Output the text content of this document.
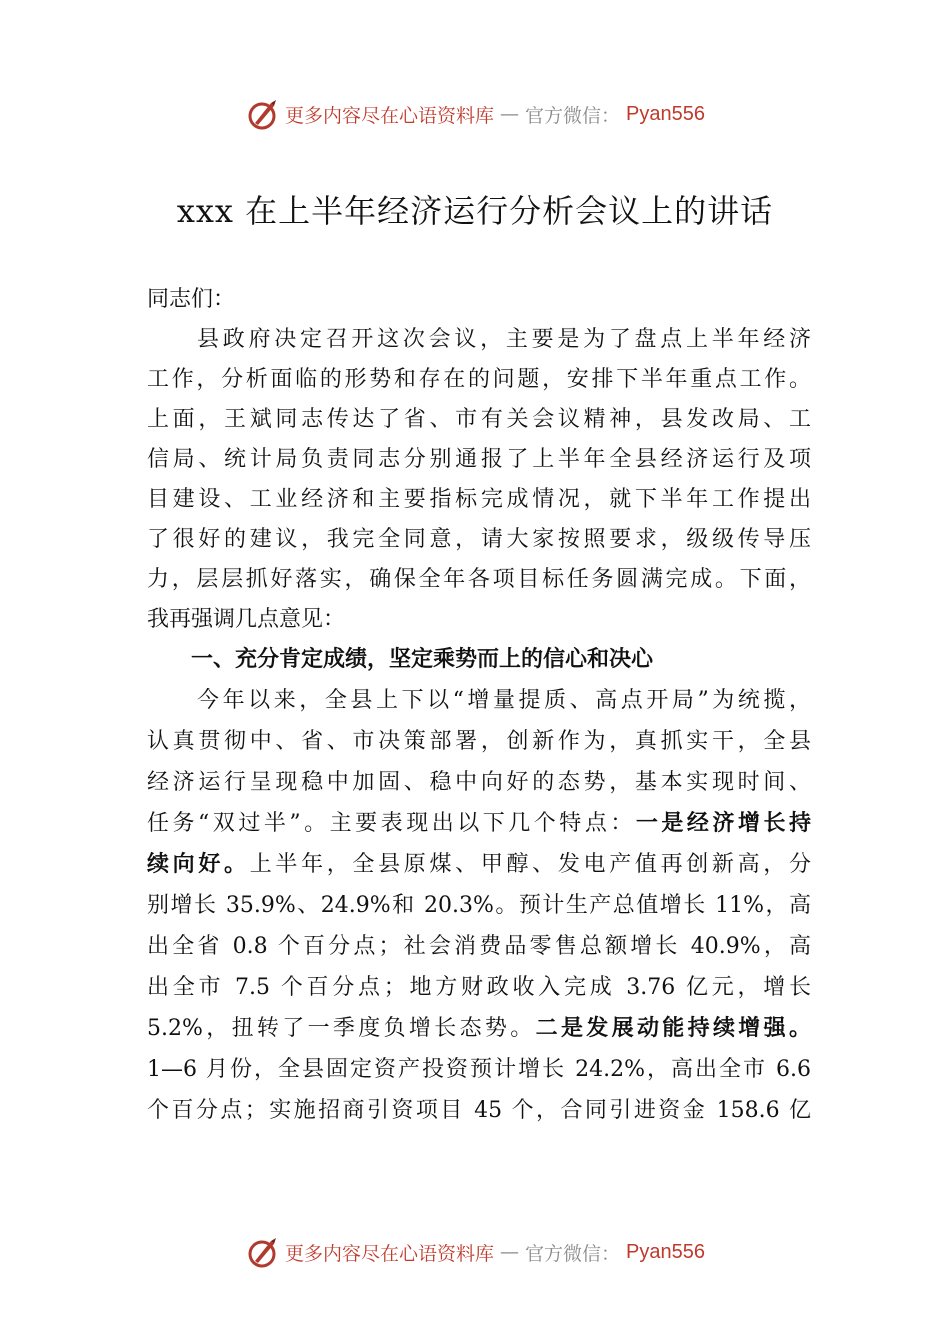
更多内容尽在心语资料库 — 官方微信： Pyan556
xxx 在上半年经济运行分析会议上的讲话
同志们：
县政府决定召开这次会议，主要是为了盘点上半年经济
工作，分析面临的形势和存在的问题，安排下半年重点工作。
上面，王斌同志传达了省、市有关会议精神，县发改局、工
信局、统计局负责同志分别通报了上半年全县经济运行及项
目建设、工业经济和主要指标完成情况，就下半年工作提出
了很好的建议，我完全同意，请大家按照要求，级级传导压
力，层层抓好落实，确保全年各项目标任务圆满完成。下面，
我再强调几点意见：
一、充分肯定成绩，坚定乘势而上的信心和决心
今年以来，全县上下以“增量提质、高点开局”为统揽，
认真贯彻中、省、市决策部署，创新作为，真抓实干，全县
经济运行呈现稳中加固、稳中向好的态势，基本实现时间、
任务“双过半”。主要表现出以下几个特点：一是经济增长持
续向好。上半年，全县原煤、甲醇、发电产值再创新高，分
别增长 35.9%、24.9%和 20.3%。预计生产总值增长 11%，高
出全省 0.8 个百分点；社会消费品零售总额增长 40.9%，高
出全市 7.5 个百分点；地方财政收入完成 3.76 亿元，增长
5.2%，扭转了一季度负增长态势。二是发展动能持续增强。
1—6 月份，全县固定资产投资预计增长 24.2%，高出全市 6.6
个百分点；实施招商引资项目 45 个，合同引进资金 158.6 亿
更多内容尽在心语资料库 — 官方微信： Pyan556
